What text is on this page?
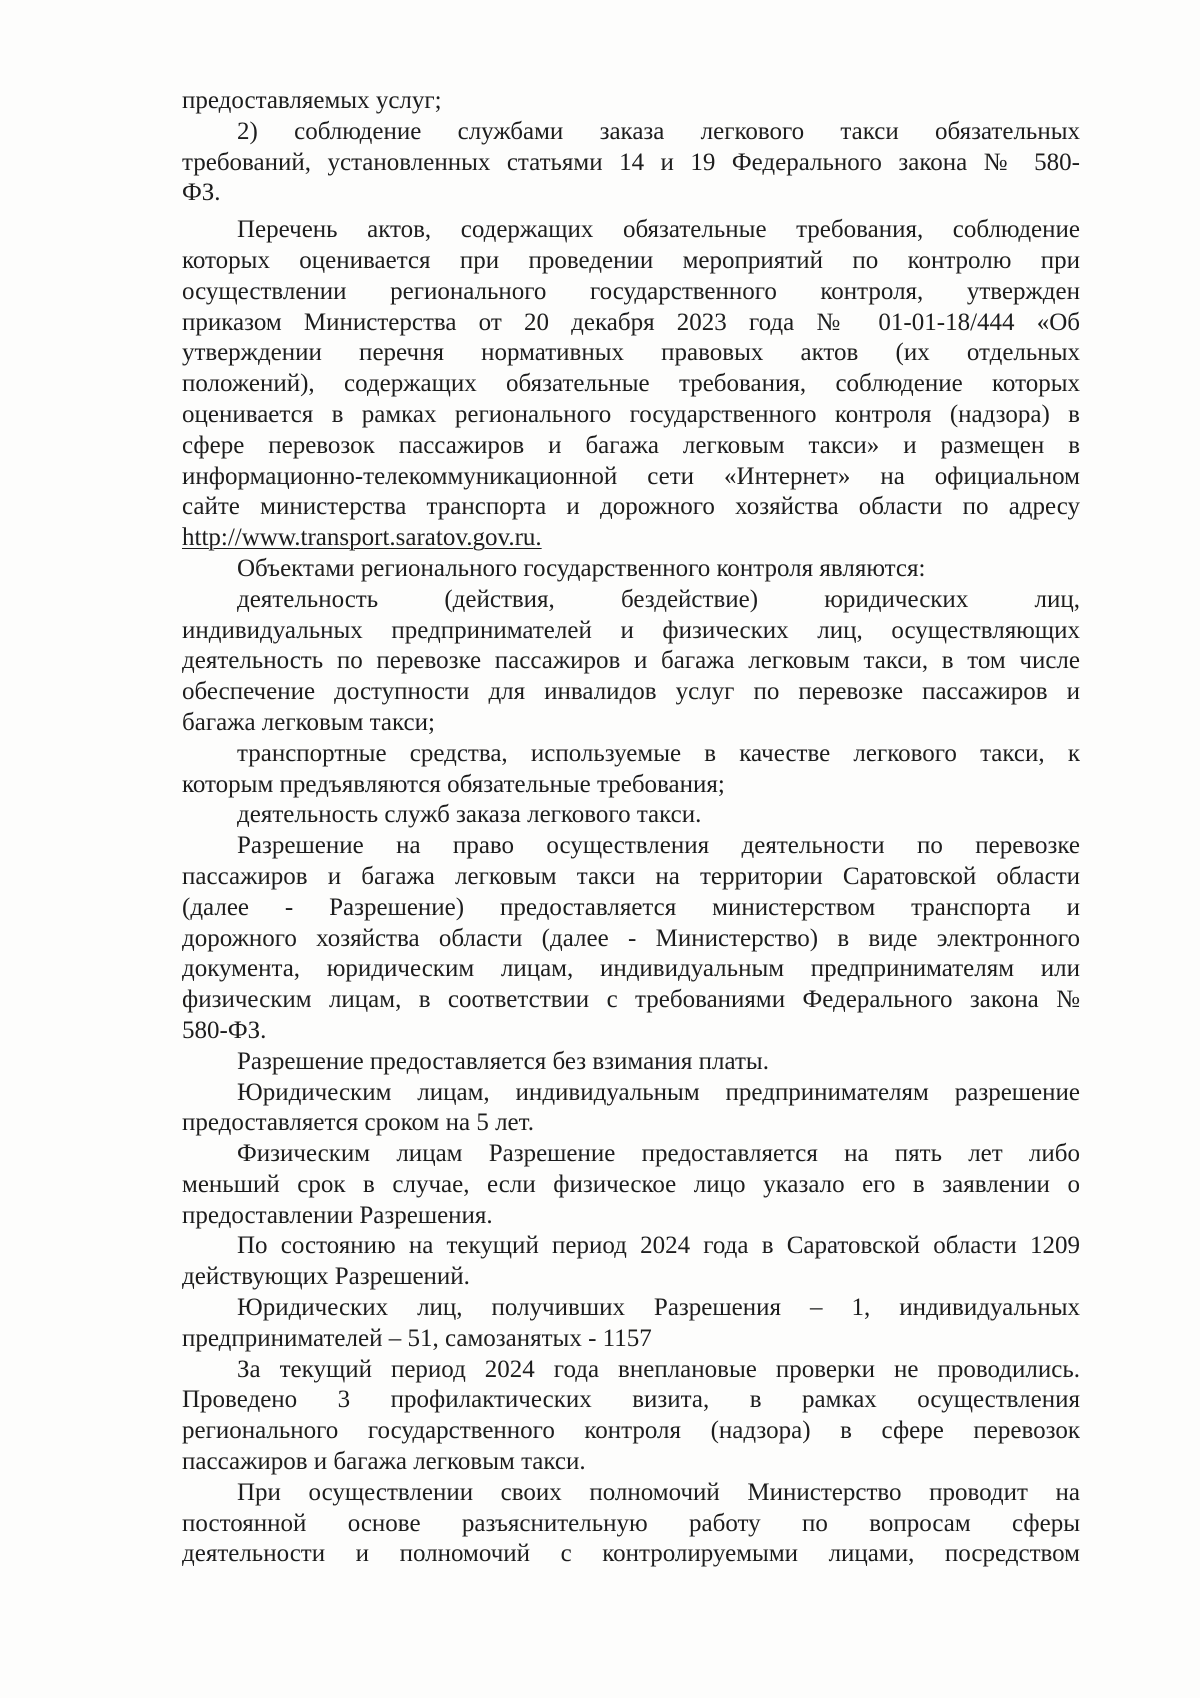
предоставляемых услуг;
2) соблюдение службами заказа легкового такси обязательных
требований, установленных статьями 14 и 19 Федерального закона № 580-
ФЗ.
Перечень актов, содержащих обязательные требования, соблюдение
которых оценивается при проведении мероприятий по контролю при
осуществлении регионального государственного контроля, утвержден
приказом Министерства от 20 декабря 2023 года № 01-01-18/444 «Об
утверждении перечня нормативных правовых актов (их отдельных
положений), содержащих обязательные требования, соблюдение которых
оценивается в рамках регионального государственного контроля (надзора) в
сфере перевозок пассажиров и багажа легковым такси» и размещен в
информационно-телекоммуникационной сети «Интернет» на официальном
сайте министерства транспорта и дорожного хозяйства области по адресу
http://www.transport.saratov.gov.ru.
Объектами регионального государственного контроля являются:
деятельность (действия, бездействие) юридических лиц,
индивидуальных предпринимателей и физических лиц, осуществляющих
деятельность по перевозке пассажиров и багажа легковым такси, в том числе
обеспечение доступности для инвалидов услуг по перевозке пассажиров и
багажа легковым такси;
транспортные средства, используемые в качестве легкового такси, к
которым предъявляются обязательные требования;
деятельность служб заказа легкового такси.
Разрешение на право осуществления деятельности по перевозке
пассажиров и багажа легковым такси на территории Саратовской области
(далее - Разрешение) предоставляется министерством транспорта и
дорожного хозяйства области (далее - Министерство) в виде электронного
документа, юридическим лицам, индивидуальным предпринимателям или
физическим лицам, в соответствии с требованиями Федерального закона №
580-ФЗ.
Разрешение предоставляется без взимания платы.
Юридическим лицам, индивидуальным предпринимателям разрешение
предоставляется сроком на 5 лет.
Физическим лицам Разрешение предоставляется на пять лет либо
меньший срок в случае, если физическое лицо указало его в заявлении о
предоставлении Разрешения.
По состоянию на текущий период 2024 года в Саратовской области 1209
действующих Разрешений.
Юридических лиц, получивших Разрешения – 1, индивидуальных
предпринимателей – 51, самозанятых - 1157
За текущий период 2024 года внеплановые проверки не проводились.
Проведено 3 профилактических визита, в рамках осуществления
регионального государственного контроля (надзора) в сфере перевозок
пассажиров и багажа легковым такси.
При осуществлении своих полномочий Министерство проводит на
постоянной основе разъяснительную работу по вопросам сферы
деятельности и полномочий с контролируемыми лицами, посредством
